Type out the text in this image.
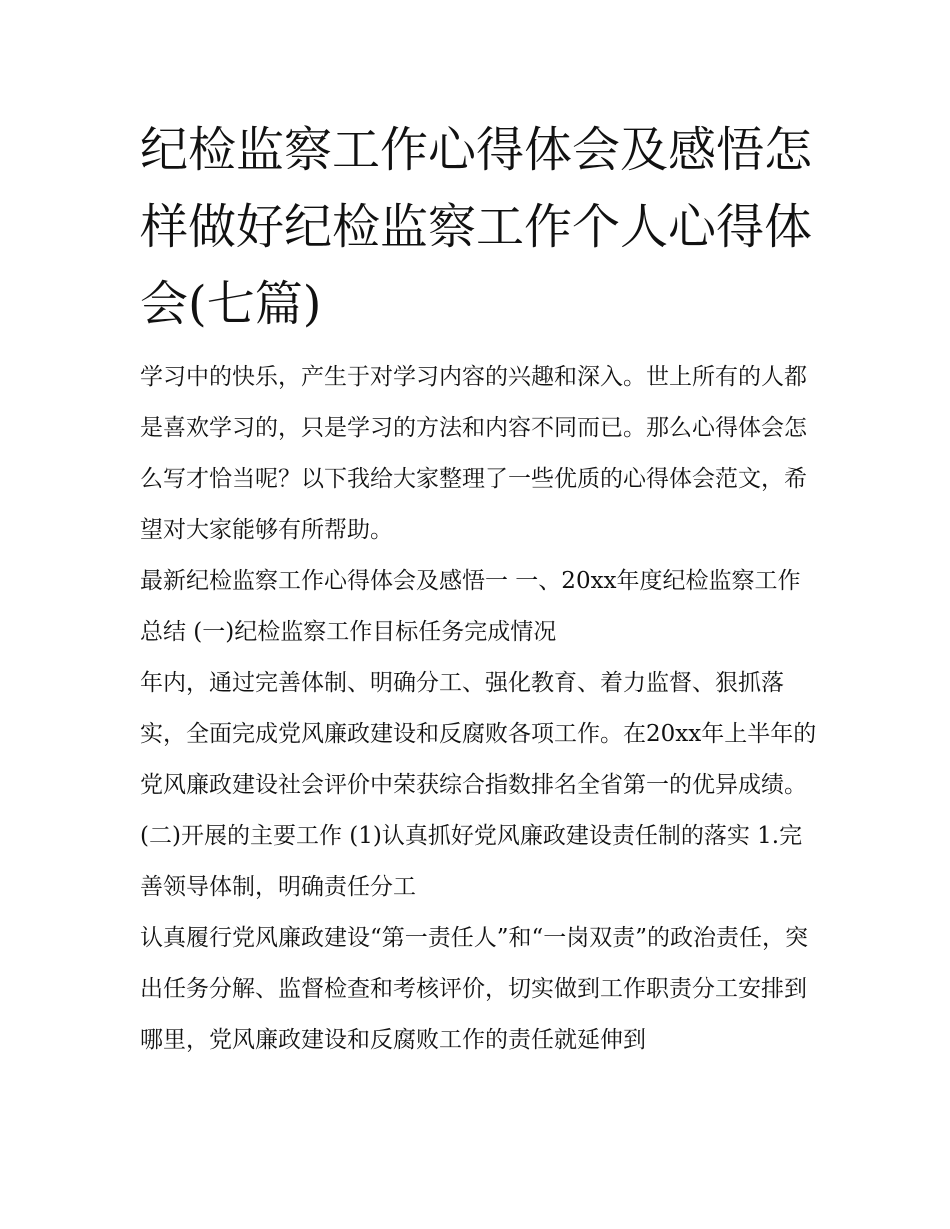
纪检监察工作心得体会及感悟怎样做好纪检监察工作个人心得体会(七篇)

学习中的快乐，产生于对学习内容的兴趣和深入。世上所有的人都是喜欢学习的，只是学习的方法和内容不同而已。那么心得体会怎么写才恰当呢？以下我给大家整理了一些优质的心得体会范文，希望对大家能够有所帮助。

最新纪检监察工作心得体会及感悟一 一、20xx年度纪检监察工作总结 (一)纪检监察工作目标任务完成情况

年内，通过完善体制、明确分工、强化教育、着力监督、狠抓落实，全面完成党风廉政建设和反腐败各项工作。在20xx年上半年的党风廉政建设社会评价中荣获综合指数排名全省第一的优异成绩。

(二)开展的主要工作 (1)认真抓好党风廉政建设责任制的落实 1.完善领导体制，明确责任分工

认真履行党风廉政建设“第一责任人”和“一岗双责”的政治责任，突出任务分解、监督检查和考核评价，切实做到工作职责分工安排到哪里，党风廉政建设和反腐败工作的责任就延伸到
